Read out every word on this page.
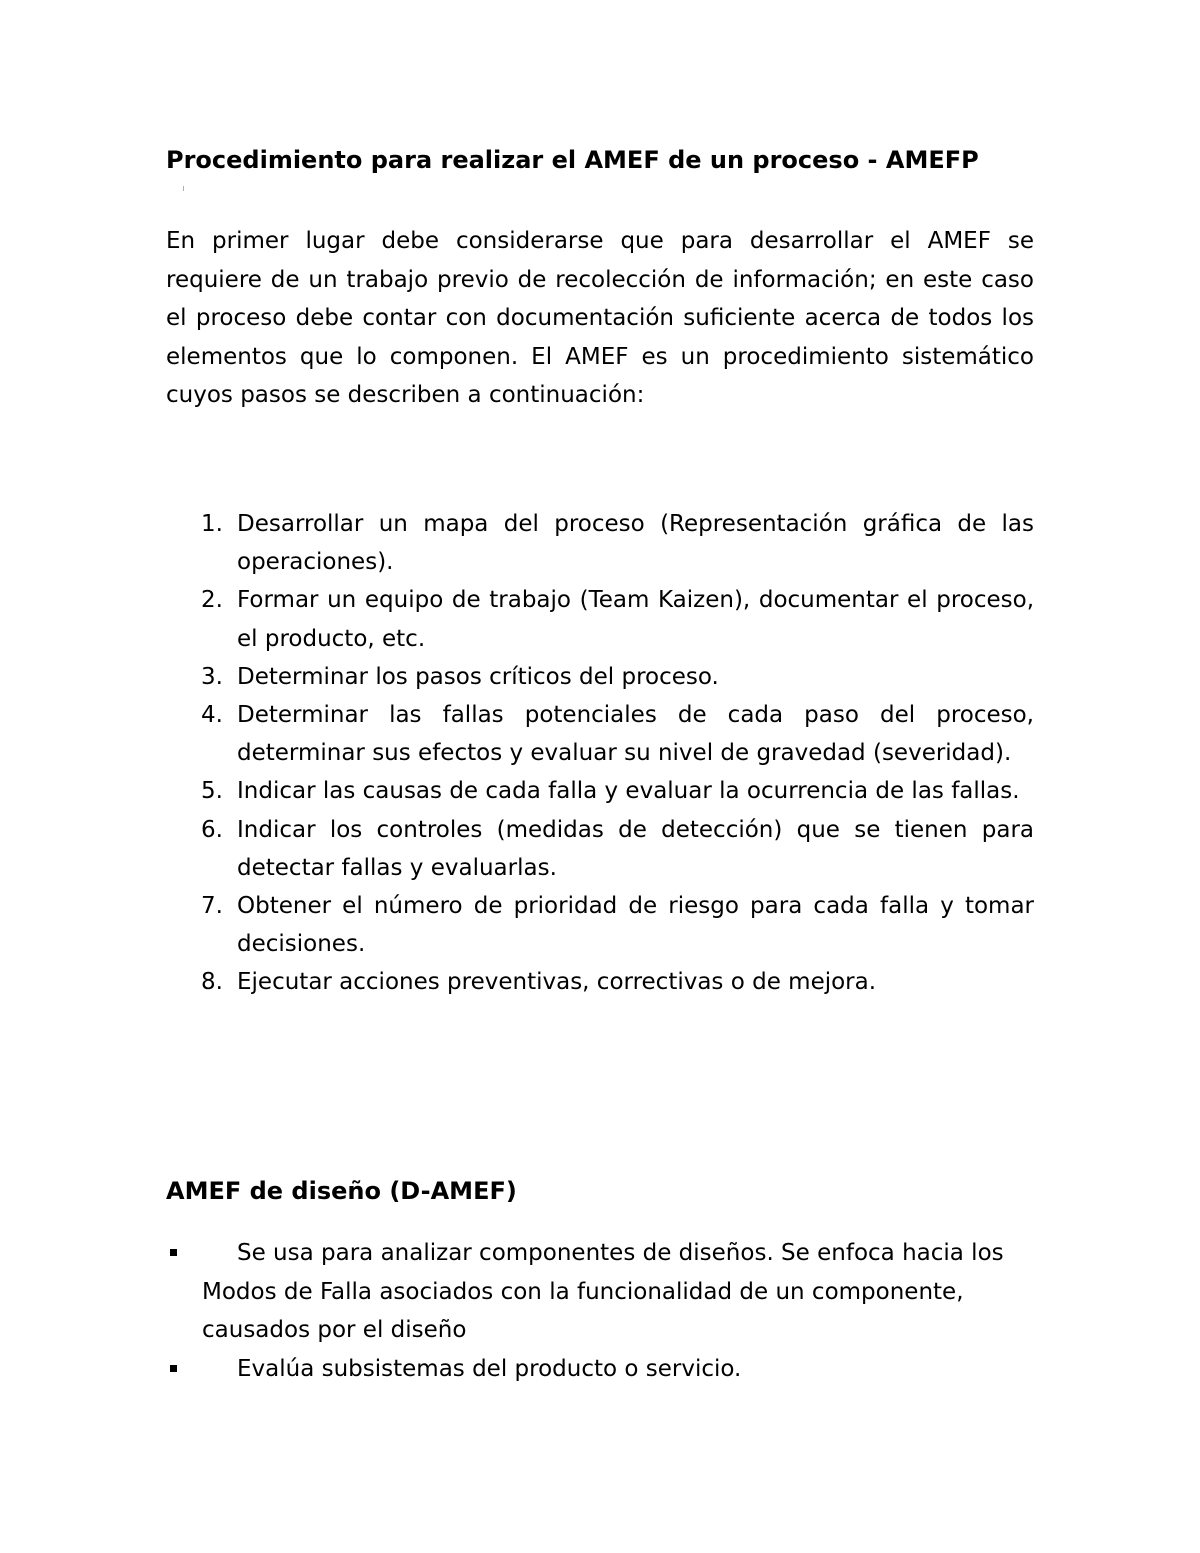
Procedimiento para realizar el AMEF de un proceso - AMEFP
En primer lugar debe considerarse que para desarrollar el AMEF se requiere de un trabajo previo de recolección de información; en este caso el proceso debe contar con documentación suficiente acerca de todos los elementos que lo componen. El AMEF es un procedimiento sistemático cuyos pasos se describen a continuación:
1. Desarrollar un mapa del proceso (Representación gráfica de las operaciones).
2. Formar un equipo de trabajo (Team Kaizen), documentar el proceso, el producto, etc.
3. Determinar los pasos críticos del proceso.
4. Determinar las fallas potenciales de cada paso del proceso, determinar sus efectos y evaluar su nivel de gravedad (severidad).
5. Indicar las causas de cada falla y evaluar la ocurrencia de las fallas.
6. Indicar los controles (medidas de detección) que se tienen para detectar fallas y evaluarlas.
7. Obtener el número de prioridad de riesgo para cada falla y tomar decisiones.
8. Ejecutar acciones preventivas, correctivas o de mejora.
AMEF de diseño (D-AMEF)
Se usa para analizar componentes de diseños. Se enfoca hacia los Modos de Falla asociados con la funcionalidad de un componente, causados por el diseño
Evalúa subsistemas del producto o servicio.
